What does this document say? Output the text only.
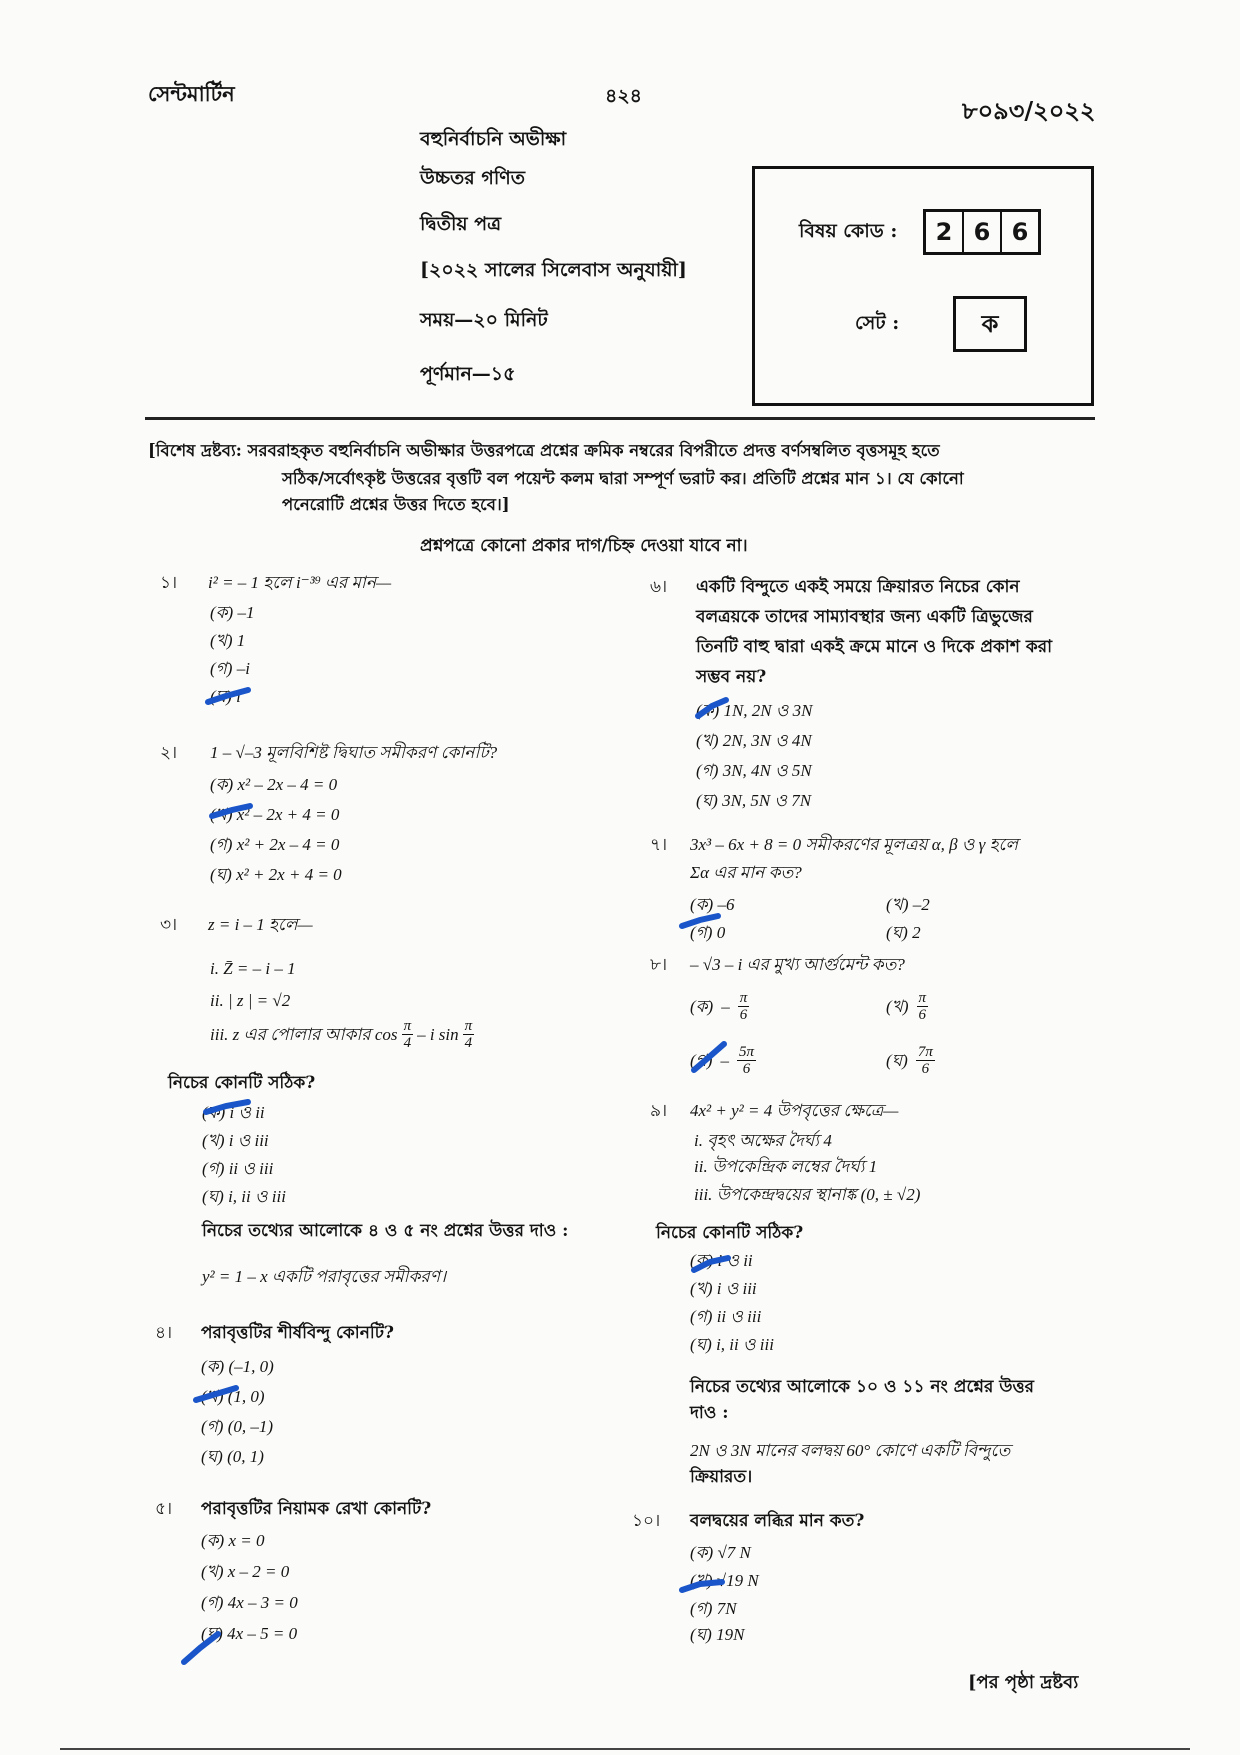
সেন্টমার্টিন	৪২৪	৮০৯৩/২০২২
বহুনির্বাচনি অভীক্ষা
উচ্চতর গণিত
দ্বিতীয় পত্র
[২০২২ সালের সিলেবাস অনুযায়ী]
সময়—২০ মিনিট
পূর্ণমান—১৫
বিষয় কোড :	2 6 6
সেট :	ক
[বিশেষ দ্রষ্টব্য: সরবরাহকৃত বহুনির্বাচনি অভীক্ষার উত্তরপত্রে প্রশ্নের ক্রমিক নম্বরের বিপরীতে প্রদত্ত বর্ণসম্বলিত বৃত্তসমূহ হতে
সঠিক/সর্বোৎকৃষ্ট উত্তরের বৃত্তটি বল পয়েন্ট কলম দ্বারা সম্পূর্ণ ভরাট কর। প্রতিটি প্রশ্নের মান ১। যে কোনো
পনেরোটি প্রশ্নের উত্তর দিতে হবে।]
প্রশ্নপত্রে কোনো প্রকার দাগ/চিহ্ন দেওয়া যাবে না।
১। i² = – 1 হলে i⁻³⁹ এর মান—
(ক) –1
(খ) 1
(গ) –i
(ঘ) i
২। 1 – √–3 মূলবিশিষ্ট দ্বিঘাত সমীকরণ কোনটি?
(ক) x² – 2x – 4 = 0
(খ) x² – 2x + 4 = 0
(গ) x² + 2x – 4 = 0
(ঘ) x² + 2x + 4 = 0
৩। z = i – 1 হলে—
i. Z̄ = – i – 1
ii. | z | = √2
iii. z এর পোলার আকার $\cos \frac{\pi}{4}$ – i $\sin \frac{\pi}{4}$
নিচের কোনটি সঠিক?
(ক) i ও ii
(খ) i ও iii
(গ) ii ও iii
(ঘ) i, ii ও iii
নিচের তথ্যের আলোকে ৪ ও ৫ নং প্রশ্নের উত্তর দাও :
y² = 1 – x একটি পরাবৃত্তের সমীকরণ।
৪। পরাবৃত্তটির শীর্ষবিন্দু কোনটি?
(ক) (–1, 0)
(খ) (1, 0)
(গ) (0, –1)
(ঘ) (0, 1)
৫। পরাবৃত্তটির নিয়ামক রেখা কোনটি?
(ক) x = 0
(খ) x – 2 = 0
(গ) 4x – 3 = 0
(ঘ) 4x – 5 = 0
৬। একটি বিন্দুতে একই সময়ে ক্রিয়ারত নিচের কোন
বলত্রয়কে তাদের সাম্যাবস্থার জন্য একটি ত্রিভুজের
তিনটি বাহু দ্বারা একই ক্রমে মানে ও দিকে প্রকাশ করা
সম্ভব নয়?
(ক) 1N, 2N ও 3N
(খ) 2N, 3N ও 4N
(গ) 3N, 4N ও 5N
(ঘ) 3N, 5N ও 7N
৭। 3x³ – 6x + 8 = 0 সমীকরণের মূলত্রয় α, β ও γ হলে
Σα এর মান কত?
(ক) –6	(খ) –2
(গ) 0	(ঘ) 2
৮। – √3 – i এর মুখ্য আর্গুমেন্ট কত?
(ক) – $\frac{\pi}{6}$	(খ) $\frac{\pi}{6}$
(গ) – $\frac{5\pi}{6}$	(ঘ) $\frac{7\pi}{6}$
৯। 4x² + y² = 4 উপবৃত্তের ক্ষেত্রে—
i. বৃহৎ অক্ষের দৈর্ঘ্য 4
ii. উপকেন্দ্রিক লম্বের দৈর্ঘ্য 1
iii. উপকেন্দ্রদ্বয়ের স্থানাঙ্ক (0, ± √2)
নিচের কোনটি সঠিক?
(ক) i ও ii
(খ) i ও iii
(গ) ii ও iii
(ঘ) i, ii ও iii
নিচের তথ্যের আলোকে ১০ ও ১১ নং প্রশ্নের উত্তর
দাও :
2N ও 3N মানের বলদ্বয় 60° কোণে একটি বিন্দুতে
ক্রিয়ারত।
১০। বলদ্বয়ের লব্ধির মান কত?
(ক) √7 N
(খ) √19 N
(গ) 7N
(ঘ) 19N
[পর পৃষ্ঠা দ্রষ্টব্য
